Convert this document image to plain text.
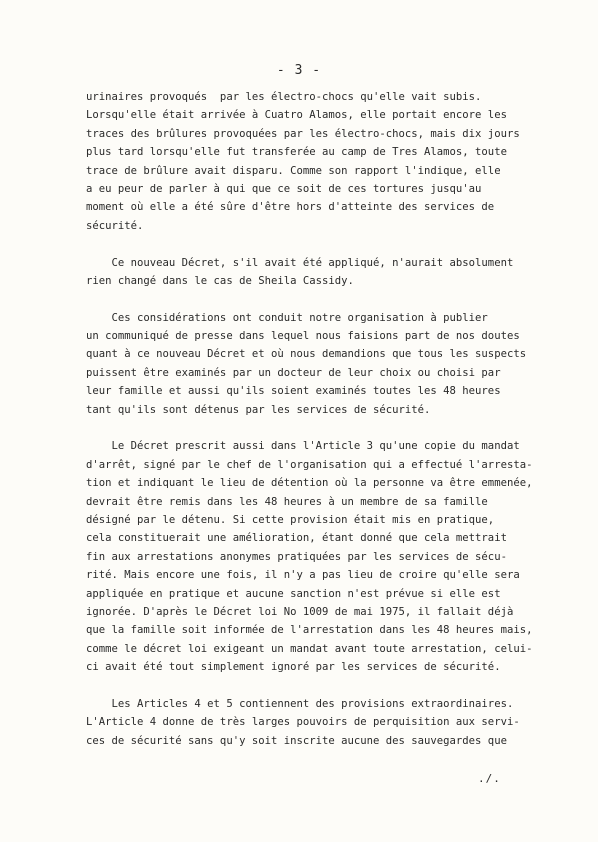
- 3 -
urinaires provoqués  par les électro-chocs qu'elle vait subis.
Lorsqu'elle était arrivée à Cuatro Alamos, elle portait encore les
traces des brûlures provoquées par les électro-chocs, mais dix jours
plus tard lorsqu'elle fut transferée au camp de Tres Alamos, toute
trace de brûlure avait disparu. Comme son rapport l'indique, elle
a eu peur de parler à qui que ce soit de ces tortures jusqu'au
moment où elle a été sûre d'être hors d'atteinte des services de
sécurité.
Ce nouveau Décret, s'il avait été appliqué, n'aurait absolument
rien changé dans le cas de Sheila Cassidy.
Ces considérations ont conduit notre organisation à publier
un communiqué de presse dans lequel nous faisions part de nos doutes
quant à ce nouveau Décret et où nous demandions que tous les suspects
puissent être examinés par un docteur de leur choix ou choisi par
leur famille et aussi qu'ils soient examinés toutes les 48 heures
tant qu'ils sont détenus par les services de sécurité.
Le Décret prescrit aussi dans l'Article 3 qu'une copie du mandat
d'arrêt, signé par le chef de l'organisation qui a effectué l'arresta-
tion et indiquant le lieu de détention où la personne va être emmenée,
devrait être remis dans les 48 heures à un membre de sa famille
désigné par le détenu. Si cette provision était mis en pratique,
cela constituerait une amélioration, étant donné que cela mettrait
fin aux arrestations anonymes pratiquées par les services de sécu-
rité. Mais encore une fois, il n'y a pas lieu de croire qu'elle sera
appliquée en pratique et aucune sanction n'est prévue si elle est
ignorée. D'après le Décret loi No 1009 de mai 1975, il fallait déjà
que la famille soit informée de l'arrestation dans les 48 heures mais,
comme le décret loi exigeant un mandat avant toute arrestation, celui-
ci avait été tout simplement ignoré par les services de sécurité.
Les Articles 4 et 5 contiennent des provisions extraordinaires.
L'Article 4 donne de très larges pouvoirs de perquisition aux servi-
ces de sécurité sans qu'y soit inscrite aucune des sauvegardes que
./.
